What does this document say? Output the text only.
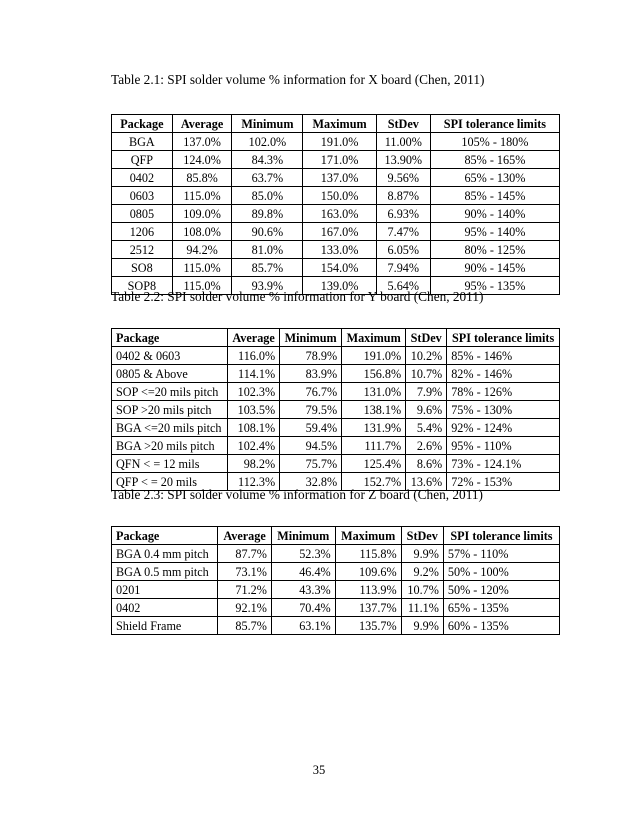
Table 2.1: SPI solder volume % information for X board (Chen, 2011)
Package	Average	Minimum	Maximum	StDev	SPI tolerance limits
BGA	137.0%	102.0%	191.0%	11.00%	105% - 180%
QFP	124.0%	84.3%	171.0%	13.90%	85% - 165%
0402	85.8%	63.7%	137.0%	9.56%	65% - 130%
0603	115.0%	85.0%	150.0%	8.87%	85% - 145%
0805	109.0%	89.8%	163.0%	6.93%	90% - 140%
1206	108.0%	90.6%	167.0%	7.47%	95% - 140%
2512	94.2%	81.0%	133.0%	6.05%	80% - 125%
SO8	115.0%	85.7%	154.0%	7.94%	90% - 145%
SOP8	115.0%	93.9%	139.0%	5.64%	95% - 135%
Table 2.2: SPI solder volume % information for Y board (Chen, 2011)
Package	Average	Minimum	Maximum	StDev	SPI tolerance limits
0402 & 0603	116.0%	78.9%	191.0%	10.2%	85% - 146%
0805 & Above	114.1%	83.9%	156.8%	10.7%	82% - 146%
SOP <=20 mils pitch	102.3%	76.7%	131.0%	7.9%	78% - 126%
SOP >20 mils pitch	103.5%	79.5%	138.1%	9.6%	75% - 130%
BGA <=20 mils pitch	108.1%	59.4%	131.9%	5.4%	92% - 124%
BGA >20 mils pitch	102.4%	94.5%	111.7%	2.6%	95% - 110%
QFN < = 12 mils	98.2%	75.7%	125.4%	8.6%	73% - 124.1%
QFP < = 20 mils	112.3%	32.8%	152.7%	13.6%	72% - 153%
Table 2.3: SPI solder volume % information for Z board (Chen, 2011)
Package	Average	Minimum	Maximum	StDev	SPI tolerance limits
BGA 0.4 mm pitch	87.7%	52.3%	115.8%	9.9%	57% - 110%
BGA 0.5 mm pitch	73.1%	46.4%	109.6%	9.2%	50% - 100%
0201	71.2%	43.3%	113.9%	10.7%	50% - 120%
0402	92.1%	70.4%	137.7%	11.1%	65% - 135%
Shield Frame	85.7%	63.1%	135.7%	9.9%	60% - 135%
35
